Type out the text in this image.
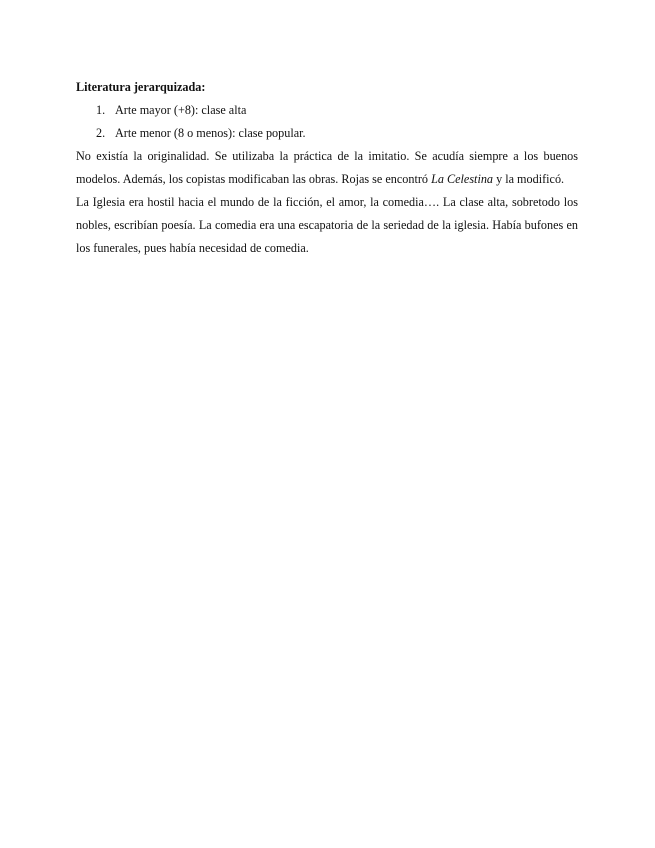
Literatura jerarquizada:

1. Arte mayor (+8): clase alta
2. Arte menor (8 o menos): clase popular.

No existía la originalidad. Se utilizaba la práctica de la imitatio. Se acudía siempre a los buenos modelos. Además, los copistas modificaban las obras. Rojas se encontró La Celestina y la modificó.

La Iglesia era hostil hacia el mundo de la ficción, el amor, la comedia…. La clase alta, sobretodo los nobles, escribían poesía. La comedia era una escapatoria de la seriedad de la iglesia. Había bufones en los funerales, pues había necesidad de comedia.
